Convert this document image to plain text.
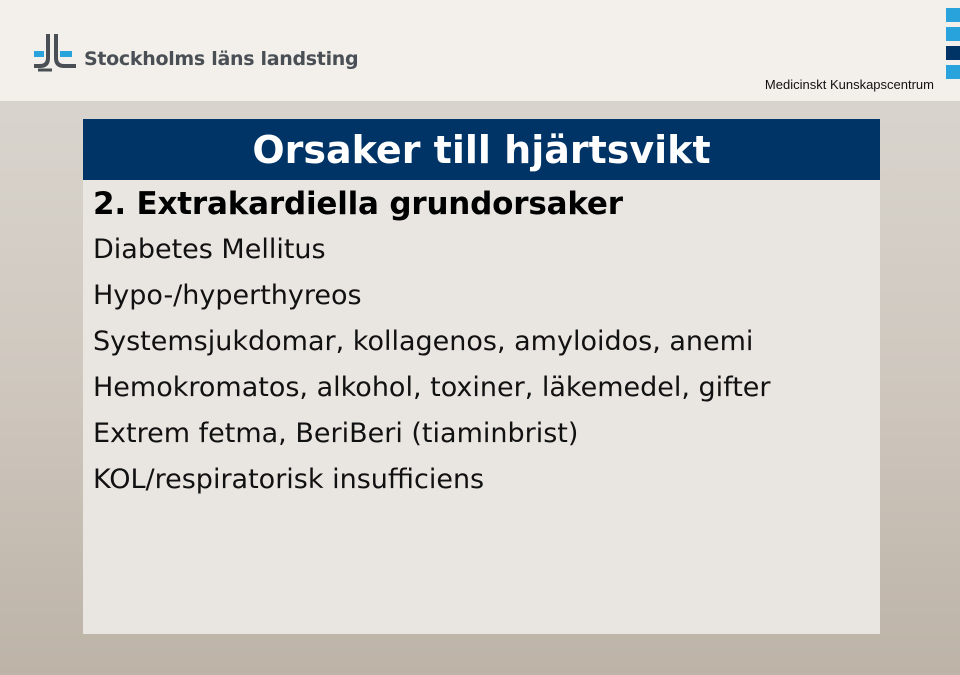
Stockholms läns landsting
Medicinskt Kunskapscentrum
Orsaker till hjärtsvikt
2. Extrakardiella grundorsaker
Diabetes Mellitus
Hypo-/hyperthyreos
Systemsjukdomar, kollagenos, amyloidos, anemi
Hemokromatos, alkohol, toxiner, läkemedel, gifter
Extrem fetma, BeriBeri (tiaminbrist)
KOL/respiratorisk insufficiens
